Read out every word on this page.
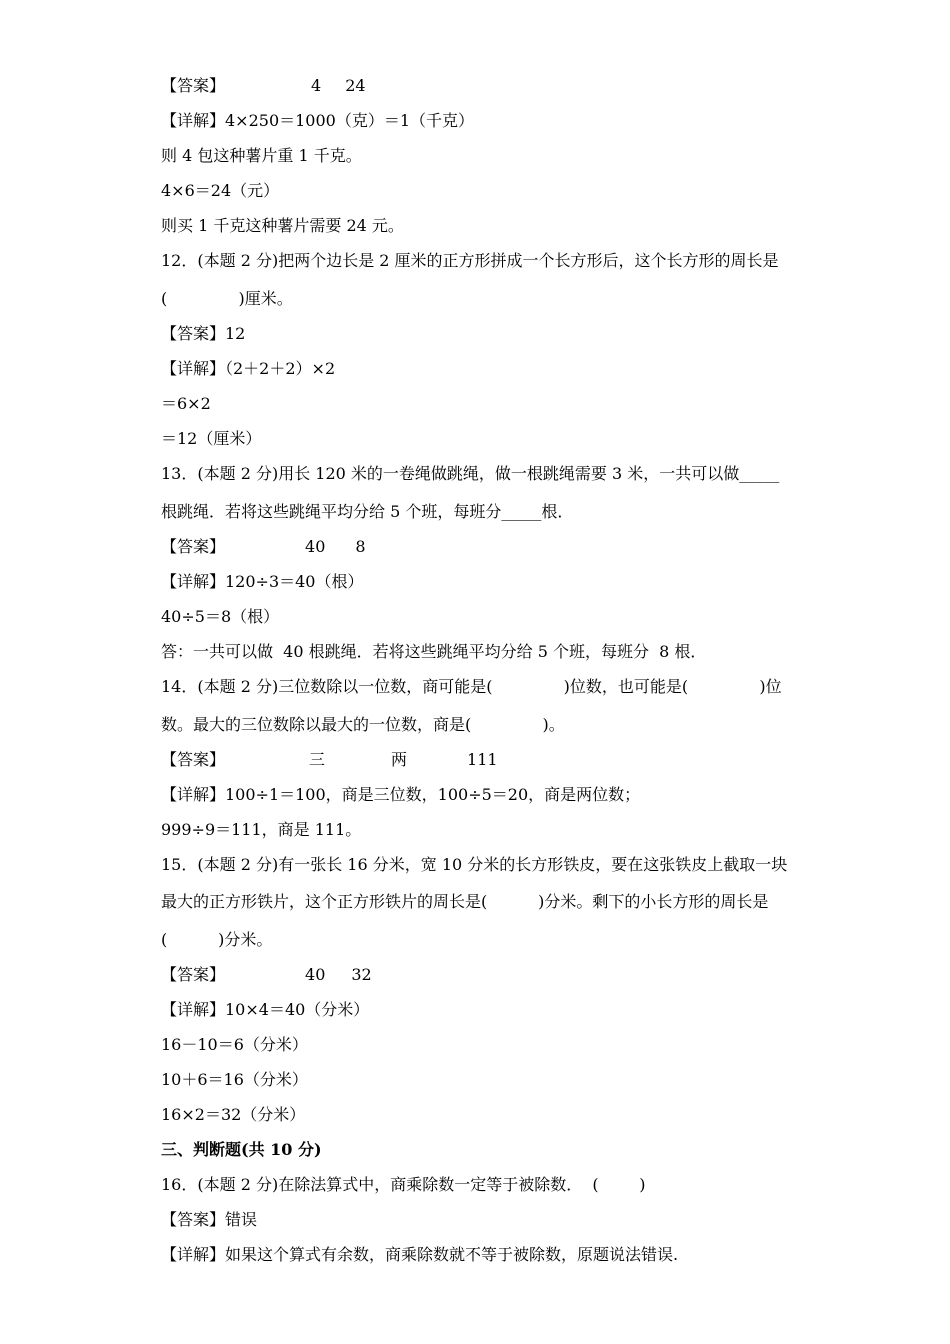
【答案】	4 24
【详解】4×250＝1000（克）＝1（千克）
则 4 包这种薯片重 1 千克。
4×6＝24（元）
则买 1 千克这种薯片需要 24 元。
12．(本题 2 分)把两个边长是 2 厘米的正方形拼成一个长方形后，这个长方形的周长是
(              )厘米。
【答案】12
【详解】（2＋2＋2）×2
＝6×2
＝12（厘米）
13．(本题 2 分)用长 120 米的一卷绳做跳绳，做一根跳绳需要 3 米，一共可以做_____
根跳绳．若将这些跳绳平均分给 5 个班，每班分_____根．
【答案】	40 8
【详解】120÷3＝40（根）
40÷5＝8（根）
答：一共可以做  40 根跳绳．若将这些跳绳平均分给 5 个班，每班分  8 根．
14．(本题 2 分)三位数除以一位数，商可能是(              )位数，也可能是(              )位
数。最大的三位数除以最大的一位数，商是(              )。
【答案】	三	两	111
【详解】100÷1＝100，商是三位数，100÷5＝20，商是两位数；
999÷9＝111，商是 111。
15．(本题 2 分)有一张长 16 分米，宽 10 分米的长方形铁皮，要在这张铁皮上截取一块
最大的正方形铁片，这个正方形铁片的周长是(          )分米。剩下的小长方形的周长是
(          )分米。
【答案】	40 32
【详解】10×4＝40（分米）
16－10＝6（分米）
10＋6＝16（分米）
16×2＝32（分米）
三、判断题(共 10 分)
16．(本题 2 分)在除法算式中，商乘除数一定等于被除数．  (        )
【答案】错误
【详解】如果这个算式有余数，商乘除数就不等于被除数，原题说法错误.
